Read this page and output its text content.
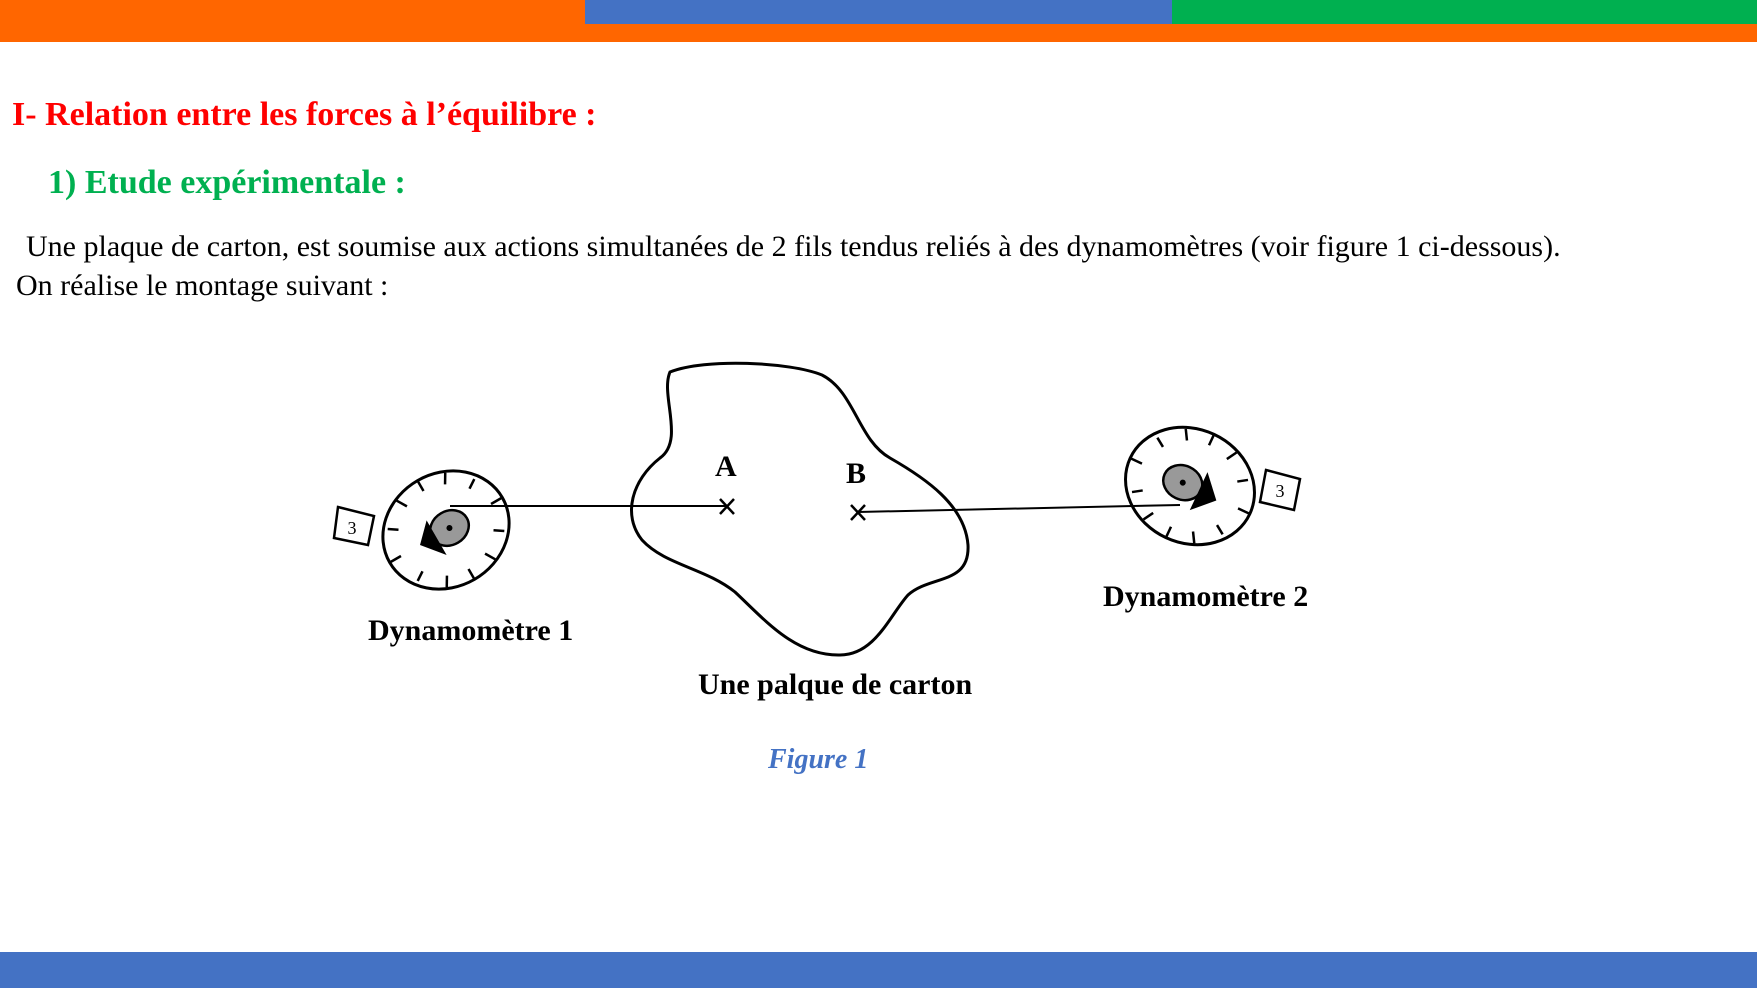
I- Relation entre les forces à l’équilibre :
1) Etude expérimentale :
Une plaque de carton, est soumise aux actions simultanées de 2 fils tendus reliés à des dynamomètres (voir figure 1 ci-dessous).
On réalise le montage suivant :
3
3
A	B
Dynamomètre 1
Dynamomètre 2
Une palque de carton
Figure 1
